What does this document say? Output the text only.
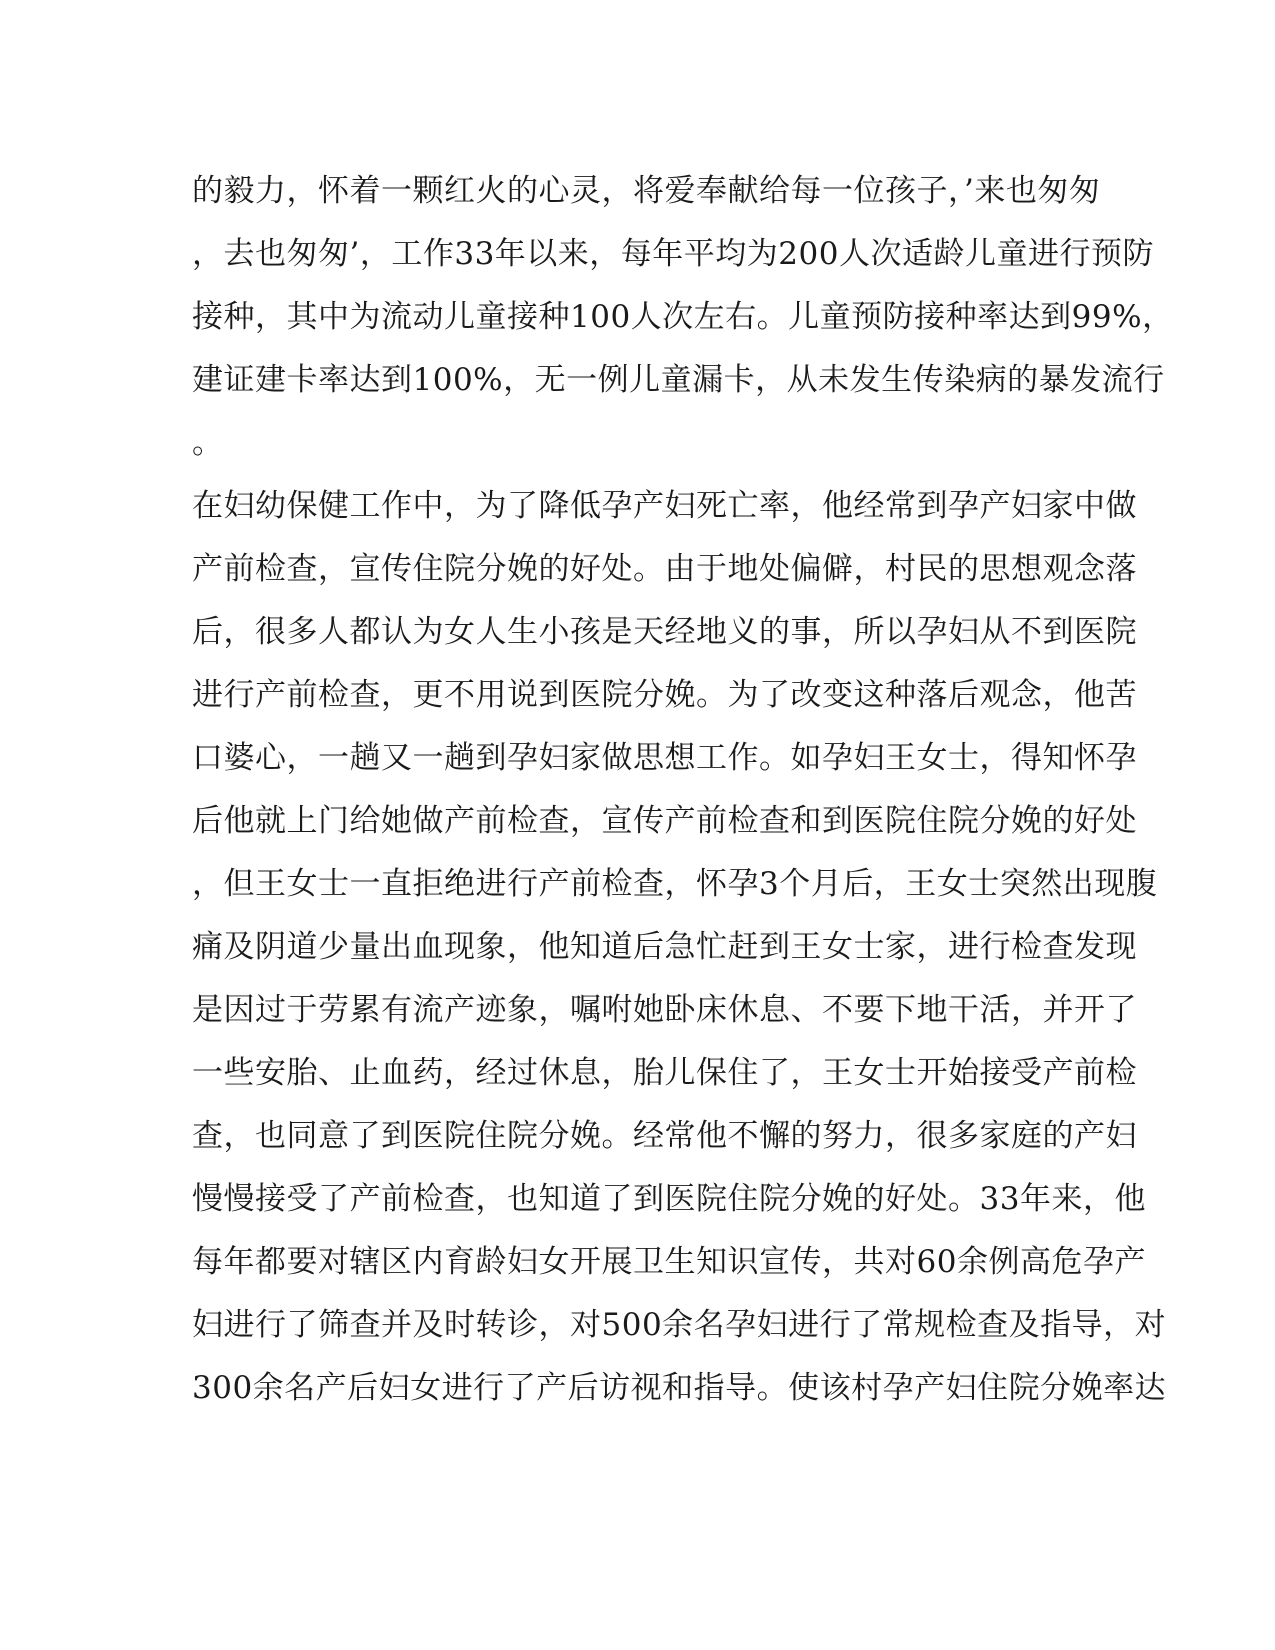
的毅力，怀着一颗红火的心灵，将爱奉献给每一位孩子，’来也匆匆
，去也匆匆’，工作33年以来，每年平均为200人次适龄儿童进行预防
接种，其中为流动儿童接种100人次左右。儿童预防接种率达到99%，
建证建卡率达到100%，无一例儿童漏卡，从未发生传染病的暴发流行
。
在妇幼保健工作中，为了降低孕产妇死亡率，他经常到孕产妇家中做
产前检查，宣传住院分娩的好处。由于地处偏僻，村民的思想观念落
后，很多人都认为女人生小孩是天经地义的事，所以孕妇从不到医院
进行产前检查，更不用说到医院分娩。为了改变这种落后观念，他苦
口婆心，一趟又一趟到孕妇家做思想工作。如孕妇王女士，得知怀孕
后他就上门给她做产前检查，宣传产前检查和到医院住院分娩的好处
，但王女士一直拒绝进行产前检查，怀孕3个月后，王女士突然出现腹
痛及阴道少量出血现象，他知道后急忙赶到王女士家，进行检查发现
是因过于劳累有流产迹象，嘱咐她卧床休息、不要下地干活，并开了
一些安胎、止血药，经过休息，胎儿保住了，王女士开始接受产前检
查，也同意了到医院住院分娩。经常他不懈的努力，很多家庭的产妇
慢慢接受了产前检查，也知道了到医院住院分娩的好处。33年来，他
每年都要对辖区内育龄妇女开展卫生知识宣传，共对60余例高危孕产
妇进行了筛查并及时转诊，对500余名孕妇进行了常规检查及指导，对
300余名产后妇女进行了产后访视和指导。使该村孕产妇住院分娩率达
